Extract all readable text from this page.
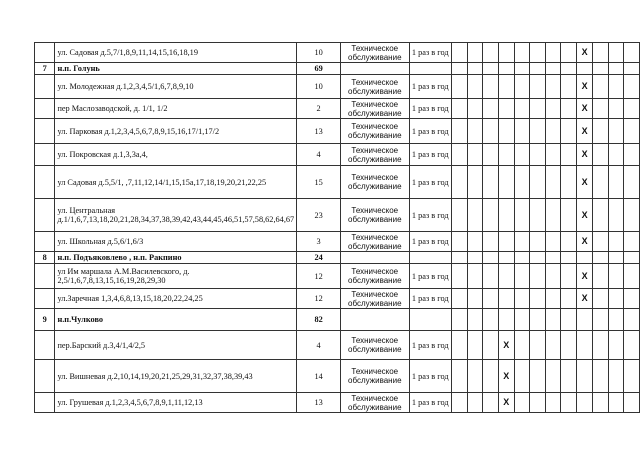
	ул. Садовая д.5,7/1,8,9,11,14,15,16,18,19	10	Техническое обслуживание	1 раз в год									X			
7	н.п. Голунь	69														
	ул. Молодежная д.1,2,3,4,5/1,6,7,8,9,10	10	Техническое обслуживание	1 раз в год									X			
	пер Маслозаводской, д. 1/1, 1/2	2	Техническое обслуживание	1 раз в год									X			
	ул. Парковая д.1,2,3,4,5,6,7,8,9,15,16,17/1,17/2	13	Техническое обслуживание	1 раз в год									X			
	ул. Покровская д.1,3,3а,4,	4	Техническое обслуживание	1 раз в год									X			
	ул Садовая д.5,5/1, ,7,11,12,14/1,15,15а,17,18,19,20,21,22,25	15	Техническое обслуживание	1 раз в год									X			
	ул. Центральная д.1/1,6,7,13,18,20,21,28,34,37,38,39,42,43,44,45,46,51,57,58,62,64,67	23	Техническое обслуживание	1 раз в год									X			
	ул. Школьная д.5,6/1,6/3	3	Техническое обслуживание	1 раз в год									X			
8	н.п. Подъяковлево , н.п. Ракпино	24														
	ул Им маршала А.М.Василевского, д. 2,5/1,6,7,8,13,15,16,19,28,29,30	12	Техническое обслуживание	1 раз в год									X			
	ул.Заречная 1,3,4,6,8,13,15,18,20,22,24,25	12	Техническое обслуживание	1 раз в год									X			
9	н.п.Чулково	82														
	пер.Барский д.3,4/1,4/2,5	4	Техническое обслуживание	1 раз в год				X								
	ул. Вишневая д.2,10,14,19,20,21,25,29,31,32,37,38,39,43	14	Техническое обслуживание	1 раз в год				X								
	ул. Грушевая д.1,2,3,4,5,6,7,8,9,1,11,12,13	13	Техническое обслуживание	1 раз в год				X								
